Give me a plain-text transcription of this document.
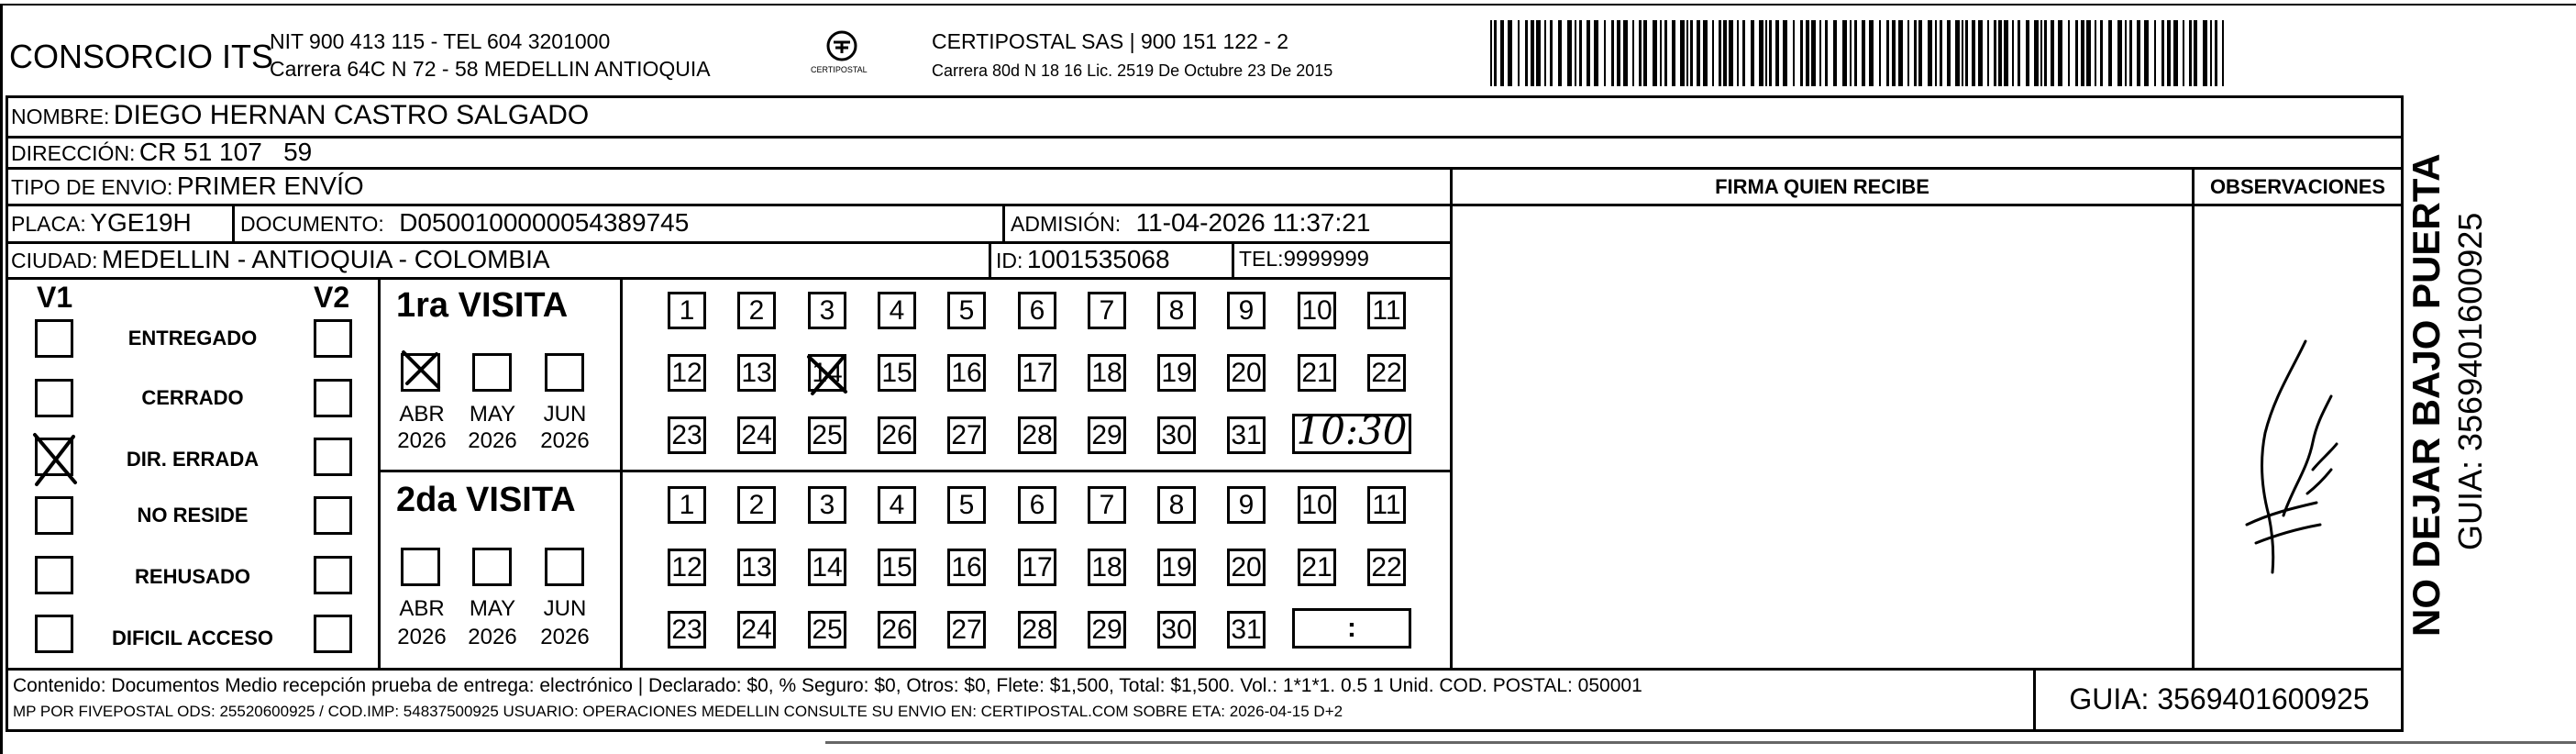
CONSORCIO ITS
NIT 900 413 115 - TEL 604 3201000
Carrera 64C N 72 - 58 MEDELLIN ANTIOQUIA	CERTIPOSTAL
CERTIPOSTAL SAS | 900 151 122 - 2
Carrera 80d N 18 16 Lic. 2519 De Octubre 23 De 2015
NOMBRE: DIEGO HERNAN CASTRO SALGADO
DIRECCIÓN: CR 51 107   59
TIPO DE ENVIO: PRIMER ENVÍO
PLACA: YGE19H DOCUMENTO: D0500100000054389745	ADMISIÓN: 11-04-2026 11:37:21
CIUDAD: MEDELLIN - ANTIOQUIA - COLOMBIA	ID: 1001535068	TEL:9999999
FIRMA QUIEN RECIBE	OBSERVACIONES
V1	V2
ENTREGADO
CERRADO
DIR. ERRADA
NO RESIDE
REHUSADO
DIFICIL ACCESO
1ra VISITA
ABR MAY JUN
2026 2026 2026
1	2	3	4	5	6	7	8	9	10 11
12 13 14 15 16 17 18 19 20 21 22
23 24 25 26 27 28 29 30 31 10:30
2da VISITA
ABR MAY JUN
2026 2026 2026
1	2	3	4	5	6	7	8	9	10 11
12 13 14 15 16 17 18 19 20 21 22
23 24 25 26 27 28 29 30 31	:
Contenido: Documentos Medio recepción prueba de entrega: electrónico | Declarado: $0, % Seguro: $0, Otros: $0, Flete: $1,500, Total: $1,500. Vol.: 1*1*1. 0.5 1 Unid. COD. POSTAL: 050001
MP POR FIVEPOSTAL ODS: 25520600925 / COD.IMP: 54837500925 USUARIO: OPERACIONES MEDELLIN CONSULTE SU ENVIO EN: CERTIPOSTAL.COM SOBRE ETA: 2026-04-15 D+2	GUIA: 3569401600925
NO DEJAR BAJO PUERTA GUIA: 3569401600925
